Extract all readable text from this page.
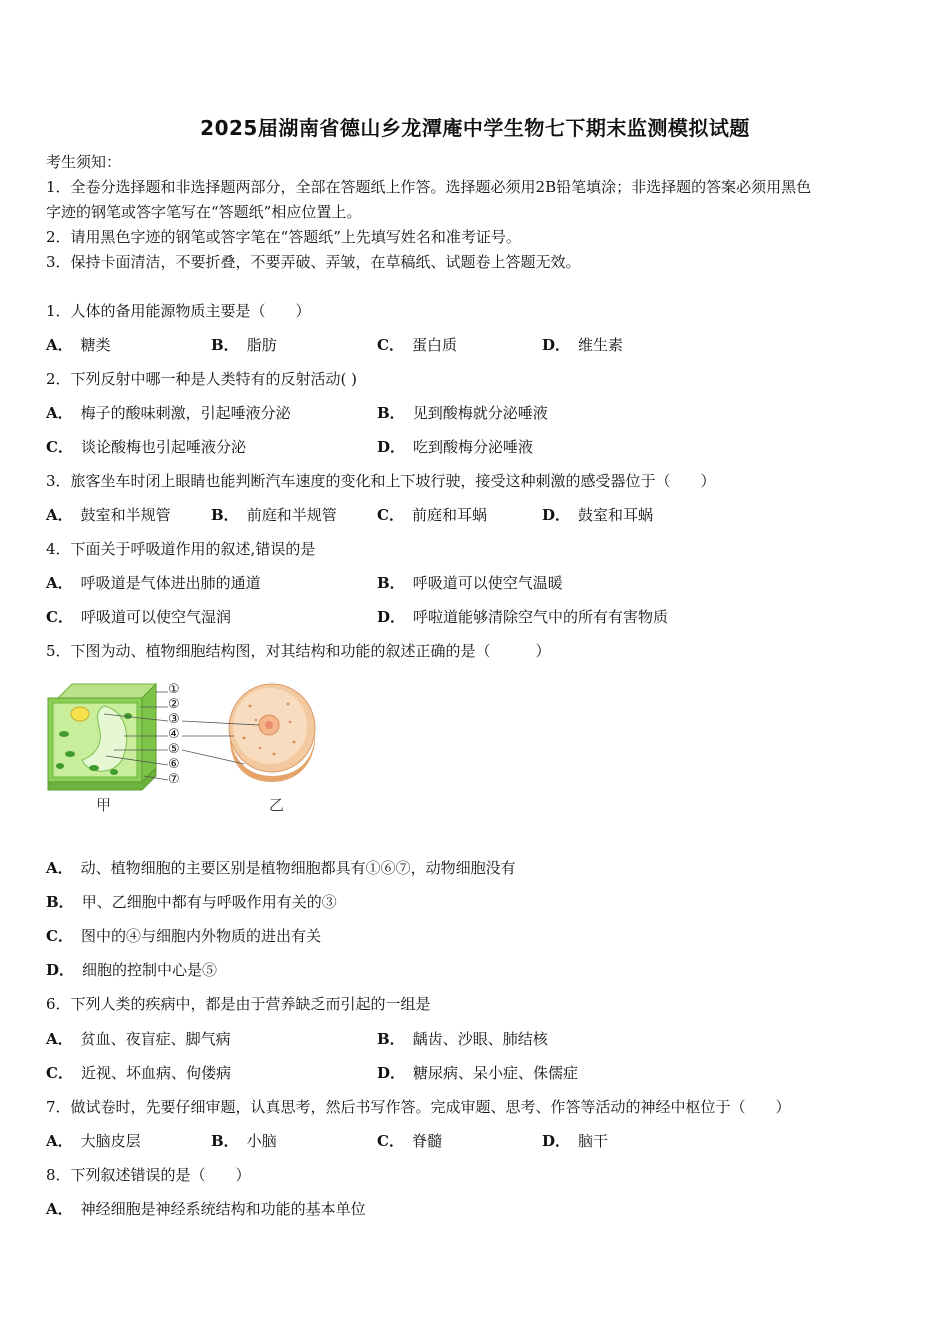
2025届湖南省德山乡龙潭庵中学生物七下期末监测模拟试题
考生须知：
1．全卷分选择题和非选择题两部分，全部在答题纸上作答。选择题必须用2B铅笔填涂；非选择题的答案必须用黑色
字迹的钢笔或答字笔写在“答题纸”相应位置上。
2．请用黑色字迹的钢笔或答字笔在“答题纸”上先填写姓名和准考证号。
3．保持卡面清洁，不要折叠，不要弄破、弄皱，在草稿纸、试题卷上答题无效。
1．人体的备用能源物质主要是（　　）
A． 糖类	B． 脂肪	C． 蛋白质	D． 维生素
2．下列反射中哪一种是人类特有的反射活动( )
A． 梅子的酸味刺激，引起唾液分泌	B． 见到酸梅就分泌唾液
C． 谈论酸梅也引起唾液分泌	D． 吃到酸梅分泌唾液
3．旅客坐车时闭上眼睛也能判断汽车速度的变化和上下坡行驶，接受这种刺激的感受器位于（　　）
A． 鼓室和半规管	B． 前庭和半规管	C． 前庭和耳蜗	D． 鼓室和耳蜗
4．下面关于呼吸道作用的叙述,错误的是
A． 呼吸道是气体进出肺的通道	B． 呼吸道可以使空气温暖
C． 呼吸道可以使空气湿润	D． 呼啦道能够清除空气中的所有有害物质
5．下图为动、植物细胞结构图，对其结构和功能的叙述正确的是（　　　）
①
②
③
④
⑤
⑥
⑦
甲	乙
A． 动、植物细胞的主要区别是植物细胞都具有①⑥⑦，动物细胞没有
B． 甲、乙细胞中都有与呼吸作用有关的③
C． 图中的④与细胞内外物质的进出有关
D． 细胞的控制中心是⑤
6．下列人类的疾病中，都是由于营养缺乏而引起的一组是
A． 贫血、夜盲症、脚气病	B． 龋齿、沙眼、肺结核
C． 近视、坏血病、佝偻病	D． 糖尿病、呆小症、侏儒症
7．做试卷时，先要仔细审题，认真思考，然后书写作答。完成审题、思考、作答等活动的神经中枢位于（　　）
A． 大脑皮层	B． 小脑	C． 脊髓	D． 脑干
8．下列叙述错误的是（　　）
A． 神经细胞是神经系统结构和功能的基本单位
